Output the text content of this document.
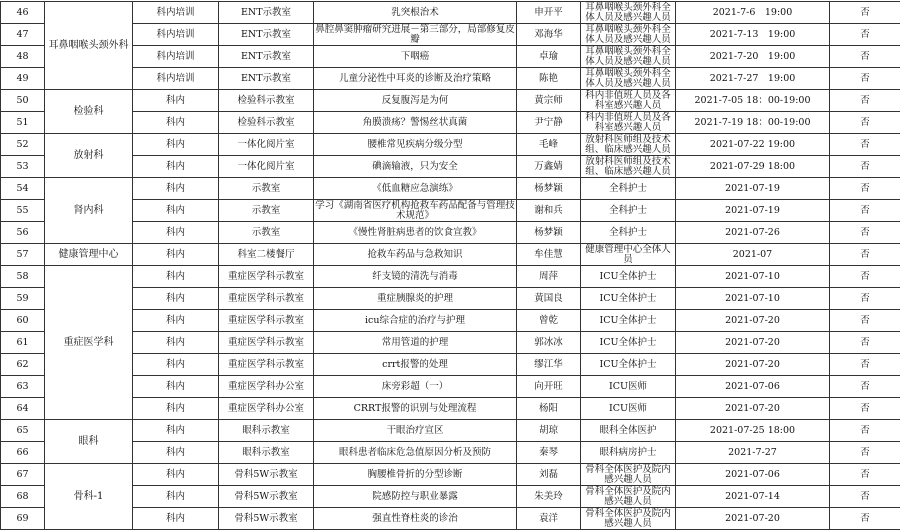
46	耳鼻咽喉头颈外科	科内培训	ENT示教室	乳突根治术	申开平	耳鼻咽喉头颈外科全体人员及感兴趣人员	2021-7-6　19:00	否
47		科内培训	ENT示教室	鼻腔鼻窦肿瘤研究进展－第三部分，局部修复皮瓣	邓海华	耳鼻咽喉头颈外科全体人员及感兴趣人员	2021-7-13　19:00	否
48		科内培训	ENT示教室	下咽癌	卓瑜	耳鼻咽喉头颈外科全体人员及感兴趣人员	2021-7-20　19:00	否
49		科内培训	ENT示教室	儿童分泌性中耳炎的诊断及治疗策略	陈艳	耳鼻咽喉头颈外科全体人员及感兴趣人员	2021-7-27　19:00	否
50	检验科	科内	检验科示教室	反复腹泻是为何	黄宗师	科内非值班人员及各科室感兴趣人员	2021-7-05 18：00-19:00	否
51		科内	检验科示教室	角膜溃疡？警惕丝状真菌	尹宁静	科内非值班人员及各科室感兴趣人员	2021-7-19 18：00-19:00	否
52	放射科	科内	一体化阅片室	腰椎常见疾病分级分型	毛峰	放射科医师组及技术组、临床感兴趣人员	2021-07-22 19:00	否
53		科内	一体化阅片室	碘滴输液，只为安全	万鑫婧	放射科医师组及技术组、临床感兴趣人员	2021-07-29 18:00	否
54	肾内科	科内	示教室	《低血糖应急演练》	杨梦颖	全科护士	2021-07-19	否
55		科内	示教室	学习《湖南省医疗机构抢救车药品配备与管理技术规范》	谢和兵	全科护士	2021-07-19	否
56		科内	示教室	《慢性肾脏病患者的饮食宣教》	杨梦颖	全科护士	2021-07-26	否
57	健康管理中心	科内	科室二楼餐厅	抢救车药品与急救知识	牟佳慧	健康管理中心全体人员	2021-07	否
58	重症医学科	科内	重症医学科示教室	纤支镜的清洗与消毒	周萍	ICU全体护士	2021-07-10	否
59		科内	重症医学科示教室	重症胰腺炎的护理	黄国良	ICU全体护士	2021-07-10	否
60		科内	重症医学科示教室	icu综合症的治疗与护理	曾乾	ICU全体护士	2021-07-20	否
61		科内	重症医学科示教室	常用管道的护理	郭冰冰	ICU全体护士	2021-07-20	否
62		科内	重症医学科示教室	crrt报警的处理	缪江华	ICU全体护士	2021-07-20	否
63		科内	重症医学科办公室	床旁彩超（一）	向开旺	ICU医师	2021-07-06	否
64		科内	重症医学科办公室	CRRT报警的识别与处理流程	杨阳	ICU医师	2021-07-20	否
65	眼科	科内	眼科示教室	干眼治疗宣区	胡琼	眼科全体医护	2021-07-25 18:00	否
66		科内	眼科示教室	眼科患者临床危急值原因分析及预防	秦琴	眼科病房护士	2021-7-27	否
67	骨科-1	科内	骨科5W示教室	胸腰椎骨折的分型诊断	刘磊	骨科全体医护及院内感兴趣人员	2021-07-06	否
68		科内	骨科5W示教室	院感防控与职业暴露	朱美玲	骨科全体医护及院内感兴趣人员	2021-07-14	否
69		科内	骨科5W示教室	强直性脊柱炎的诊治	袁洋	骨科全体医护及院内感兴趣人员	2021-07-20	否
